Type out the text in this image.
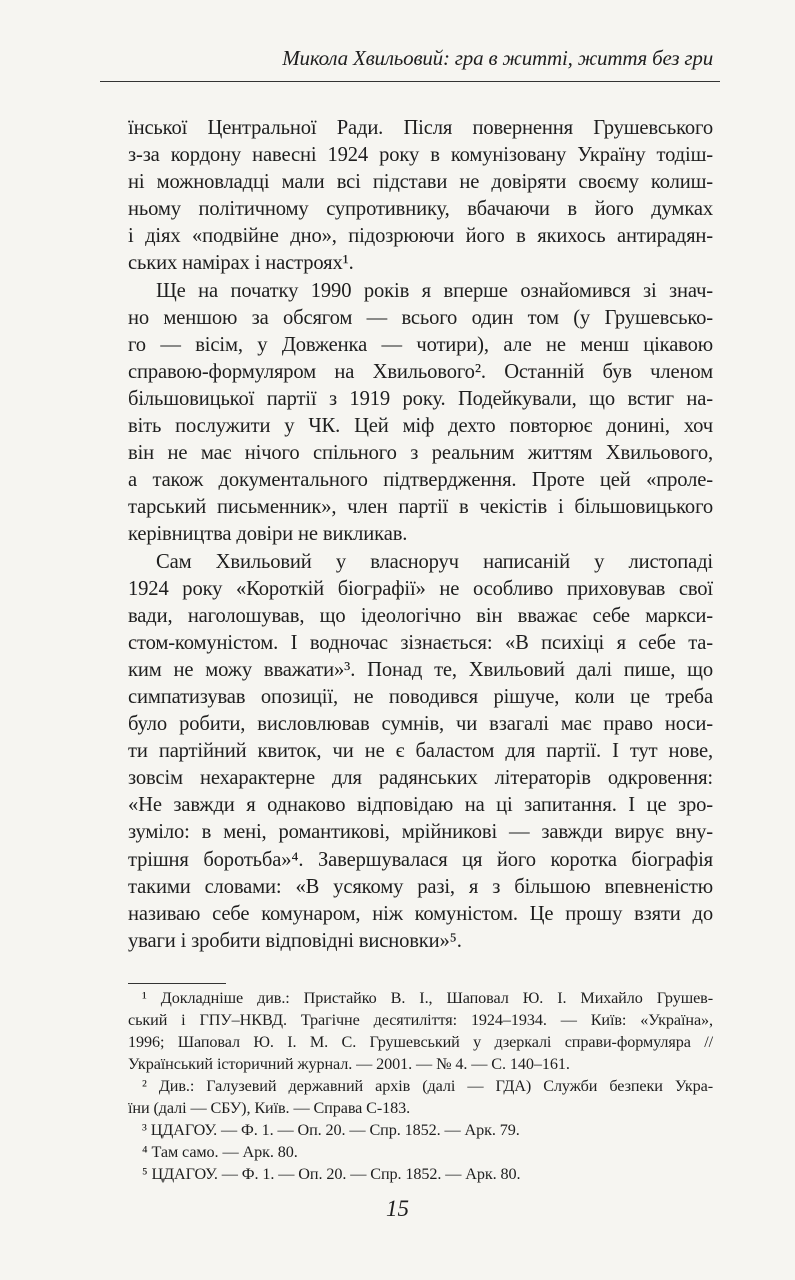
Микола Хвильовий: гра в житті, життя без гри
їнської Центральної Ради. Після повернення Грушевського
з-за кордону навесні 1924 року в комунізовану Україну тодіш-
ні можновладці мали всі підстави не довіряти своєму колиш-
ньому політичному супротивнику, вбачаючи в його думках
і діях «подвійне дно», підозрюючи його в якихось антирадян-
ських намірах і настроях¹.
Ще на початку 1990 років я вперше ознайомився зі знач-
но меншою за обсягом — всього один том (у Грушевсько-
го — вісім, у Довженка — чотири), але не менш цікавою
справою-формуляром на Хвильового². Останній був членом
більшовицької партії з 1919 року. Подейкували, що встиг на-
віть послужити у ЧК. Цей міф дехто повторює донині, хоч
він не має нічого спільного з реальним життям Хвильового,
а також документального підтвердження. Проте цей «проле-
тарський письменник», член партії в чекістів і більшовицького
керівництва довіри не викликав.
Сам Хвильовий у власноруч написаній у листопаді
1924 року «Короткій біографії» не особливо приховував свої
вади, наголошував, що ідеологічно він вважає себе маркси-
стом-комуністом. І водночас зізнається: «В психіці я себе та-
ким не можу вважати»³. Понад те, Хвильовий далі пише, що
симпатизував опозиції, не поводився рішуче, коли це треба
було робити, висловлював сумнів, чи взагалі має право носи-
ти партійний квиток, чи не є баластом для партії. І тут нове,
зовсім нехарактерне для радянських літераторів одкровення:
«Не завжди я однаково відповідаю на ці запитання. І це зро-
зуміло: в мені, романтикові, мрійникові — завжди вирує вну-
трішня боротьба»⁴. Завершувалася ця його коротка біографія
такими словами: «В усякому разі, я з більшою впевненістю
називаю себе комунаром, ніж комуністом. Це прошу взяти до
уваги і зробити відповідні висновки»⁵.
¹ Докладніше див.: Пристайко В. І., Шаповал Ю. І. Михайло Грушев-
ський і ГПУ–НКВД. Трагічне десятиліття: 1924–1934. — Київ: «Україна»,
1996; Шаповал Ю. І. М. С. Грушевський у дзеркалі справи-формуляра //
Український історичний журнал. — 2001. — № 4. — С. 140–161.
² Див.: Галузевий державний архів (далі — ГДА) Служби безпеки Укра-
їни (далі — СБУ), Київ. — Справа С-183.
³ ЦДАГОУ. — Ф. 1. — Оп. 20. — Спр. 1852. — Арк. 79.
⁴ Там само. — Арк. 80.
⁵ ЦДАГОУ. — Ф. 1. — Оп. 20. — Спр. 1852. — Арк. 80.
15
